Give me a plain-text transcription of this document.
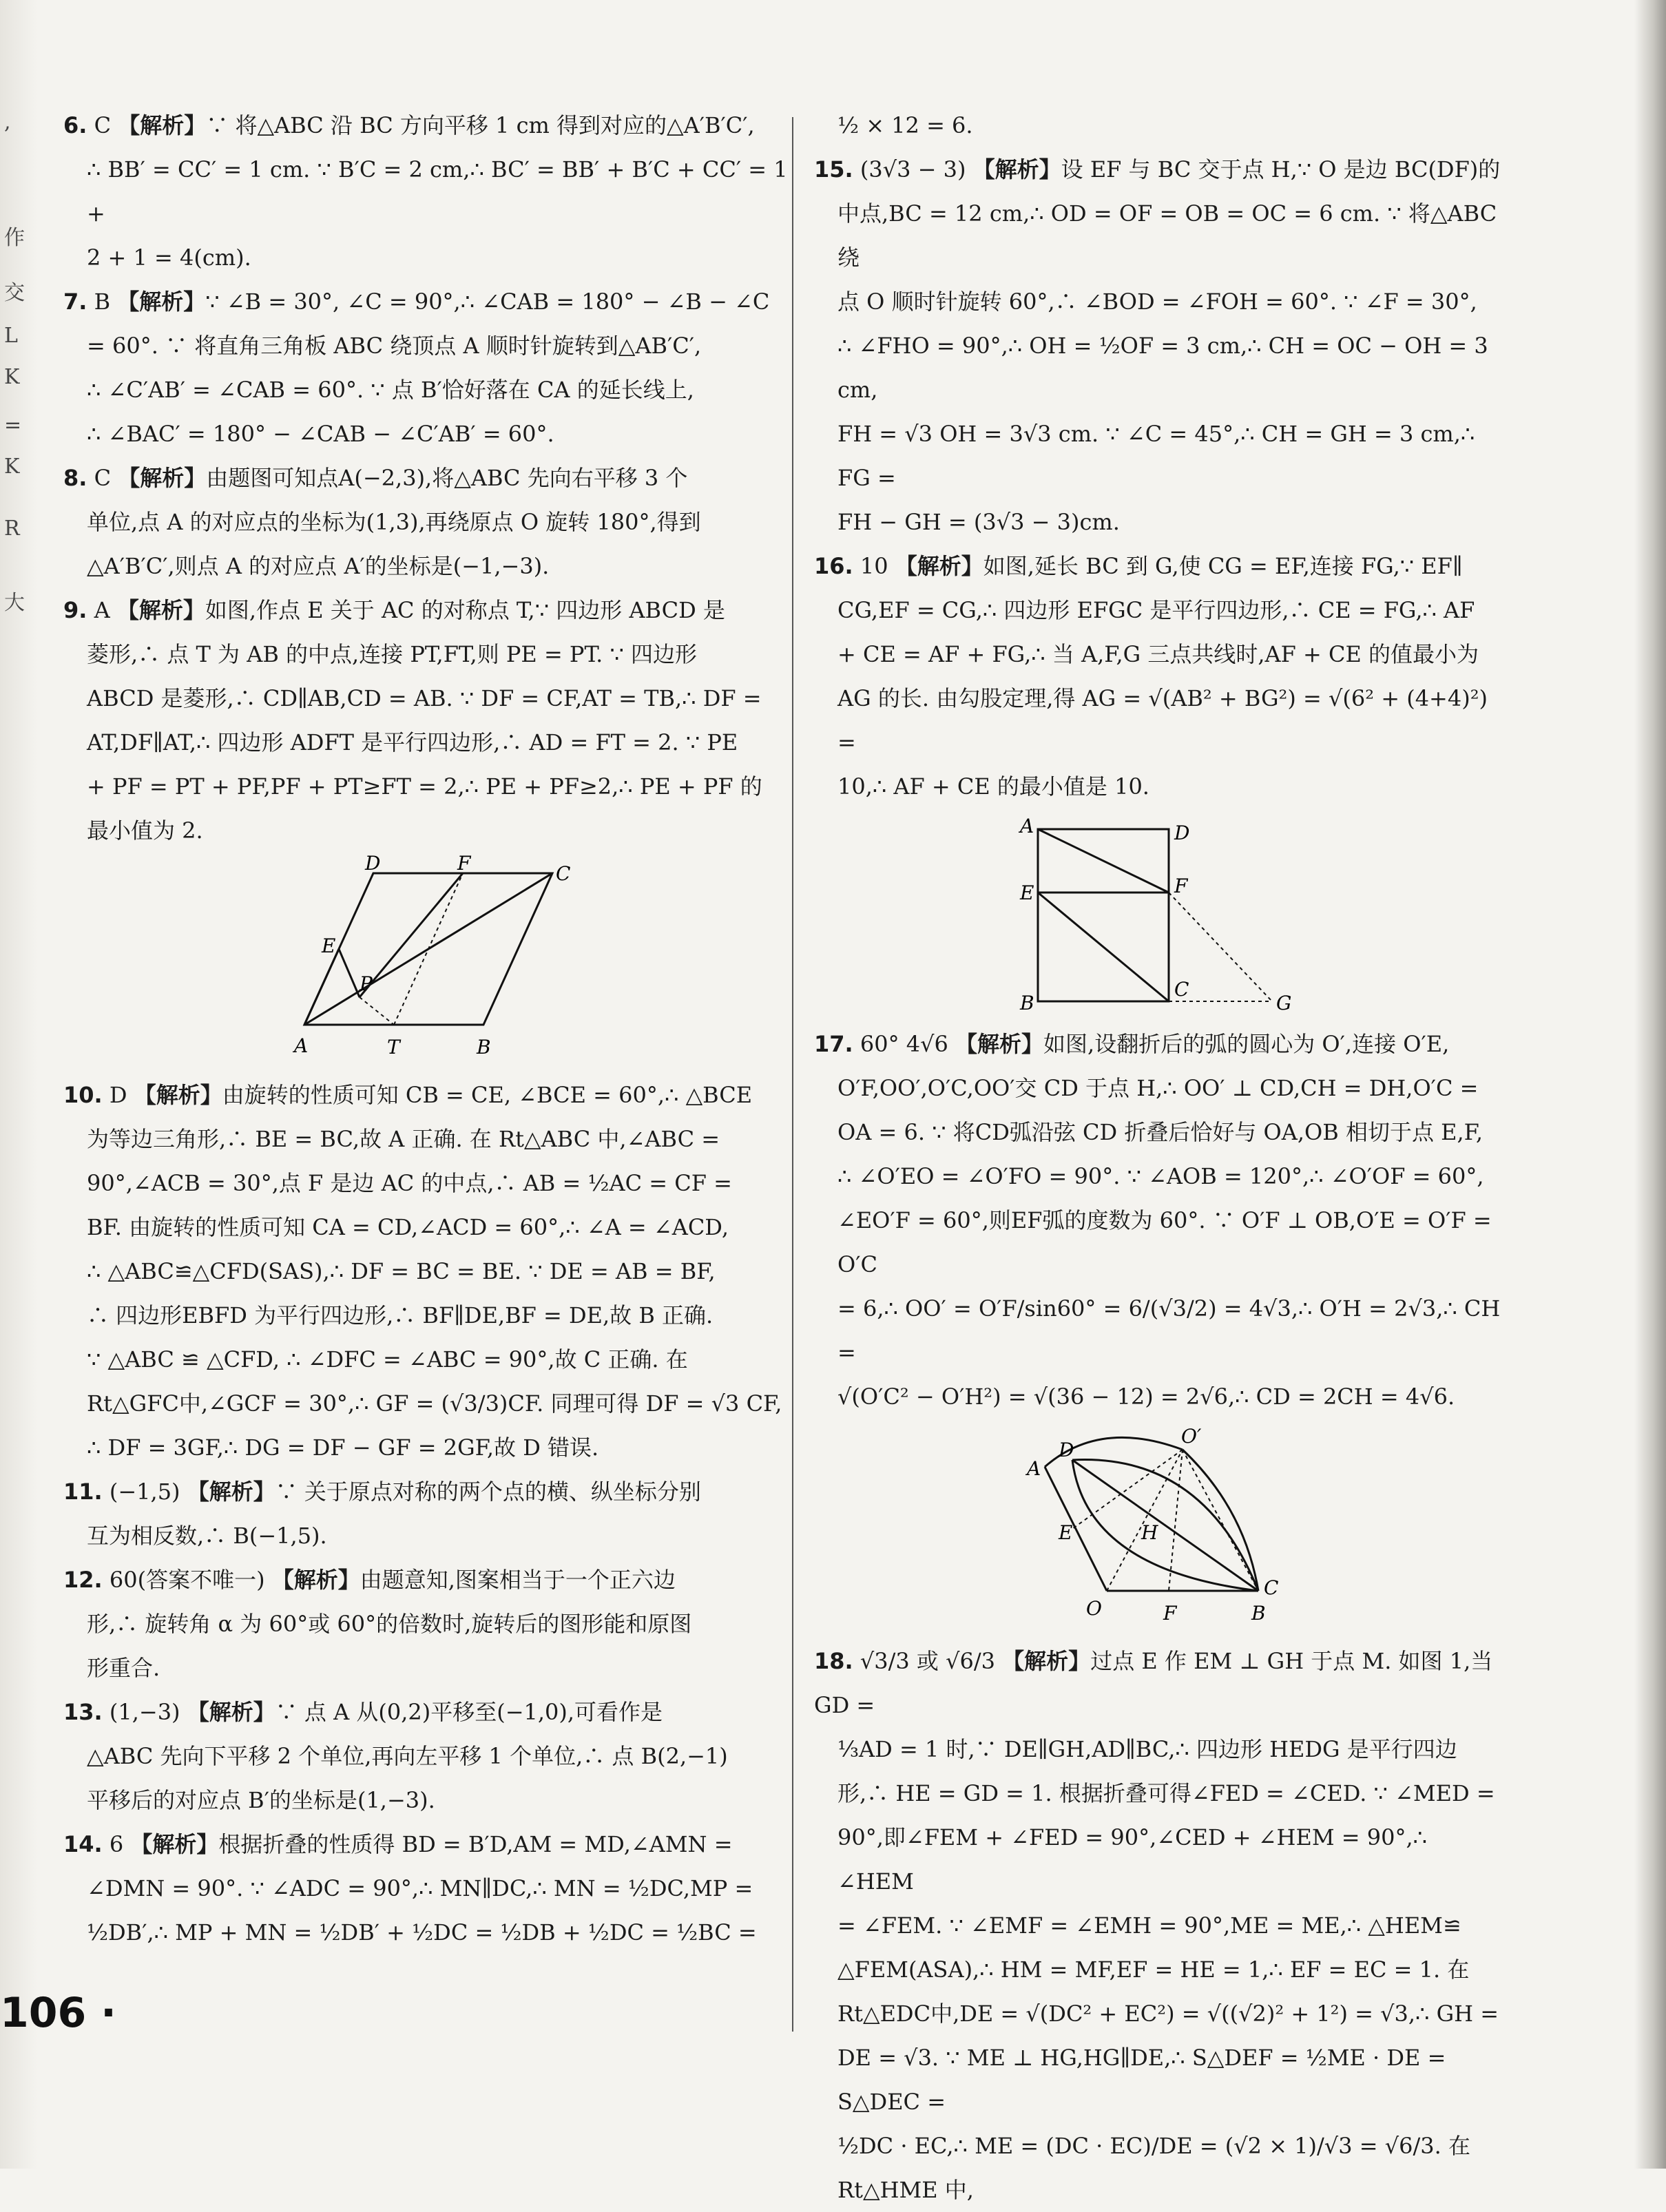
,
作
交
L
K
=
K
R
大

6. C 【解析】∵ 将△ABC 沿 BC 方向平移 1 cm 得到对应的△A′B′C′,

∴ BB′ = CC′ = 1 cm. ∵ B′C = 2 cm,∴ BC′ = BB′ + B′C + CC′ = 1 +

2 + 1 = 4(cm).

7. B 【解析】∵ ∠B = 30°, ∠C = 90°,∴ ∠CAB = 180° − ∠B − ∠C

= 60°. ∵ 将直角三角板 ABC 绕顶点 A 顺时针旋转到△AB′C′,

∴ ∠C′AB′ = ∠CAB = 60°. ∵ 点 B′恰好落在 CA 的延长线上,

∴ ∠BAC′ = 180° − ∠CAB − ∠C′AB′ = 60°.

8. C 【解析】由题图可知点A(−2,3),将△ABC 先向右平移 3 个

单位,点 A 的对应点的坐标为(1,3),再绕原点 O 旋转 180°,得到

△A′B′C′,则点 A 的对应点 A′的坐标是(−1,−3).

9. A 【解析】如图,作点 E 关于 AC 的对称点 T,∵ 四边形 ABCD 是

菱形,∴ 点 T 为 AB 的中点,连接 PT,FT,则 PE = PT. ∵ 四边形

ABCD 是菱形,∴ CD∥AB,CD = AB. ∵ DF = CF,AT = TB,∴ DF =

AT,DF∥AT,∴ 四边形 ADFT 是平行四边形,∴ AD = FT = 2. ∵ PE

+ PF = PT + PF,PF + PT≥FT = 2,∴ PE + PF≥2,∴ PE + PF 的

最小值为 2.

D	F	C
E
P
A	T	B

10. D 【解析】由旋转的性质可知 CB = CE, ∠BCE = 60°,∴ △BCE

为等边三角形,∴ BE = BC,故 A 正确. 在 Rt△ABC 中,∠ABC =

90°,∠ACB = 30°,点 F 是边 AC 的中点,∴ AB = ½AC = CF =

BF. 由旋转的性质可知 CA = CD,∠ACD = 60°,∴ ∠A = ∠ACD,

∴ △ABC≌△CFD(SAS),∴ DF = BC = BE. ∵ DE = AB = BF,

∴ 四边形EBFD 为平行四边形,∴ BF∥DE,BF = DE,故 B 正确.

∵ △ABC ≌ △CFD, ∴ ∠DFC = ∠ABC = 90°,故 C 正确. 在

Rt△GFC中,∠GCF = 30°,∴ GF = (√3/3)CF. 同理可得 DF = √3 CF,

∴ DF = 3GF,∴ DG = DF − GF = 2GF,故 D 错误.

11. (−1,5) 【解析】∵ 关于原点对称的两个点的横、纵坐标分别

互为相反数,∴ B(−1,5).

12. 60(答案不唯一) 【解析】由题意知,图案相当于一个正六边

形,∴ 旋转角 α 为 60°或 60°的倍数时,旋转后的图形能和原图

形重合.

13. (1,−3) 【解析】∵ 点 A 从(0,2)平移至(−1,0),可看作是

△ABC 先向下平移 2 个单位,再向左平移 1 个单位,∴ 点 B(2,−1)

平移后的对应点 B′的坐标是(1,−3).

14. 6 【解析】根据折叠的性质得 BD = B′D,AM = MD,∠AMN =

∠DMN = 90°. ∵ ∠ADC = 90°,∴ MN∥DC,∴ MN = ½DC,MP =

½DB′,∴ MP + MN = ½DB′ + ½DC = ½DB + ½DC = ½BC =

½ × 12 = 6.

15. (3√3 − 3) 【解析】设 EF 与 BC 交于点 H,∵ O 是边 BC(DF)的

中点,BC = 12 cm,∴ OD = OF = OB = OC = 6 cm. ∵ 将△ABC 绕

点 O 顺时针旋转 60°,∴ ∠BOD = ∠FOH = 60°. ∵ ∠F = 30°,

∴ ∠FHO = 90°,∴ OH = ½OF = 3 cm,∴ CH = OC − OH = 3 cm,

FH = √3 OH = 3√3 cm. ∵ ∠C = 45°,∴ CH = GH = 3 cm,∴ FG =

FH − GH = (3√3 − 3)cm.

16. 10 【解析】如图,延长 BC 到 G,使 CG = EF,连接 FG,∵ EF∥

CG,EF = CG,∴ 四边形 EFGC 是平行四边形,∴ CE = FG,∴ AF

+ CE = AF + FG,∴ 当 A,F,G 三点共线时,AF + CE 的值最小为

AG 的长. 由勾股定理,得 AG = √(AB² + BG²) = √(6² + (4+4)²) =

10,∴ AF + CE 的最小值是 10.

A	D
E	F
B
C
G

17. 60° 4√6 【解析】如图,设翻折后的弧的圆心为 O′,连接 O′E,

O′F,OO′,O′C,OO′交 CD 于点 H,∴ OO′ ⊥ CD,CH = DH,O′C =

OA = 6. ∵ 将CD弧沿弦 CD 折叠后恰好与 OA,OB 相切于点 E,F,

∴ ∠O′EO = ∠O′FO = 90°. ∵ ∠AOB = 120°,∴ ∠O′OF = 60°,

∠EO′F = 60°,则EF弧的度数为 60°. ∵ O′F ⊥ OB,O′E = O′F = O′C

= 6,∴ OO′ = O′F/sin60° = 6/(√3/2) = 4√3,∴ O′H = 2√3,∴ CH =

√(O′C² − O′H²) = √(36 − 12) = 2√6,∴ CD = 2CH = 4√6.

D
O′
A
E	H
C
O	F	B

18. √3/3 或 √6/3 【解析】过点 E 作 EM ⊥ GH 于点 M. 如图 1,当 GD =

⅓AD = 1 时,∵ DE∥GH,AD∥BC,∴ 四边形 HEDG 是平行四边

形,∴ HE = GD = 1. 根据折叠可得∠FED = ∠CED. ∵ ∠MED =

90°,即∠FEM + ∠FED = 90°,∠CED + ∠HEM = 90°,∴ ∠HEM

= ∠FEM. ∵ ∠EMF = ∠EMH = 90°,ME = ME,∴ △HEM≌

△FEM(ASA),∴ HM = MF,EF = HE = 1,∴ EF = EC = 1. 在

Rt△EDC中,DE = √(DC² + EC²) = √((√2)² + 1²) = √3,∴ GH =

DE = √3. ∵ ME ⊥ HG,HG∥DE,∴ S△DEF = ½ME · DE = S△DEC =

½DC · EC,∴ ME = (DC · EC)/DE = (√2 × 1)/√3 = √6/3. 在 Rt△HME 中,

106 ·
